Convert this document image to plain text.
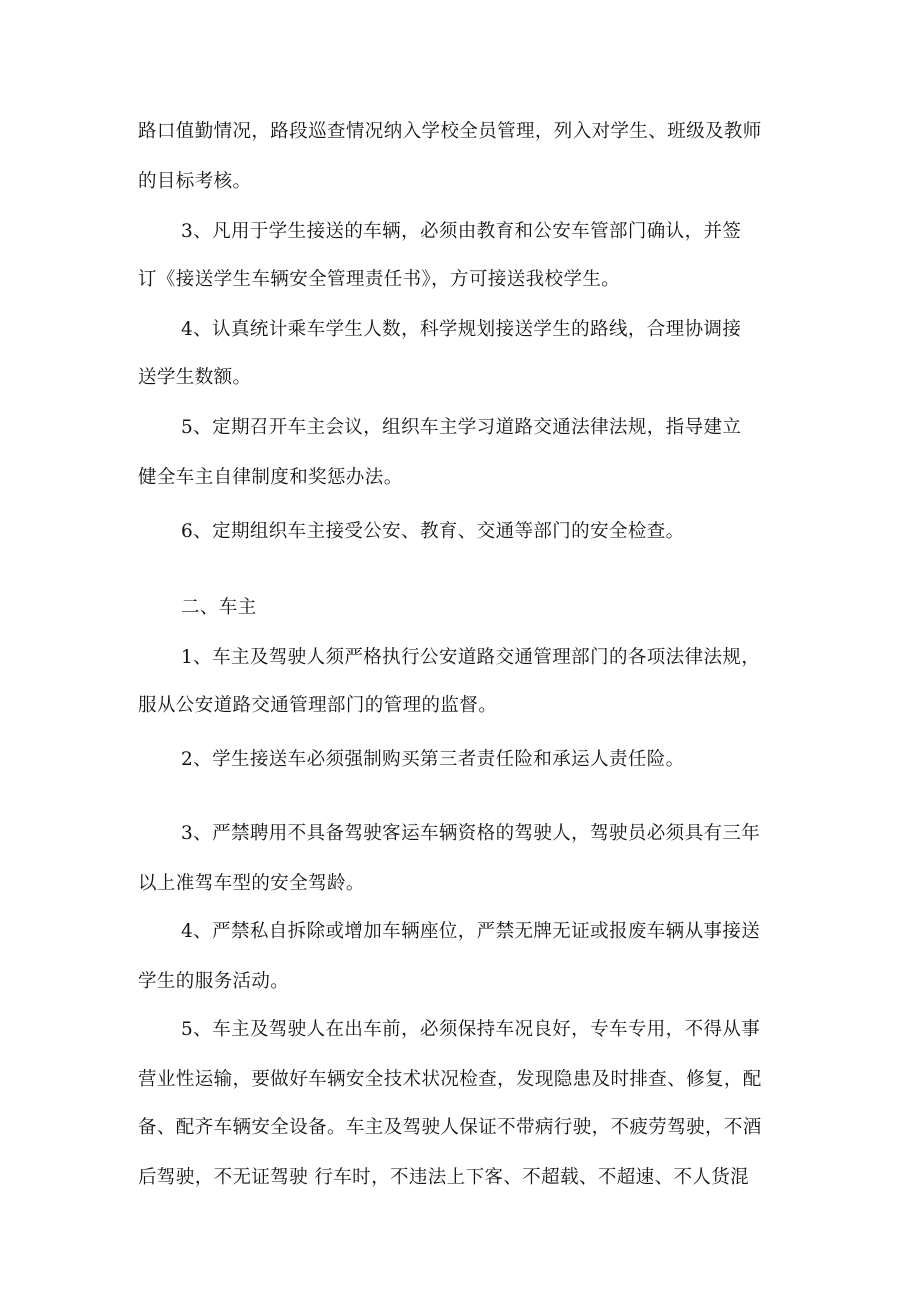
路口值勤情况，路段巡查情况纳入学校全员管理，列入对学生、班级及教师
的目标考核。
3、凡用于学生接送的车辆，必须由教育和公安车管部门确认，并签
订《接送学生车辆安全管理责任书》，方可接送我校学生。
4、认真统计乘车学生人数，科学规划接送学生的路线，合理协调接
送学生数额。
5、定期召开车主会议，组织车主学习道路交通法律法规，指导建立
健全车主自律制度和奖惩办法。
6、定期组织车主接受公安、教育、交通等部门的安全检查。
二、车主
1、车主及驾驶人须严格执行公安道路交通管理部门的各项法律法规，
服从公安道路交通管理部门的管理的监督。
2、学生接送车必须强制购买第三者责任险和承运人责任险。
3、严禁聘用不具备驾驶客运车辆资格的驾驶人，驾驶员必须具有三年
以上准驾车型的安全驾龄。
4、严禁私自拆除或增加车辆座位，严禁无牌无证或报废车辆从事接送
学生的服务活动。
5、车主及驾驶人在出车前，必须保持车况良好，专车专用，不得从事
营业性运输，要做好车辆安全技术状况检查，发现隐患及时排查、修复，配
备、配齐车辆安全设备。车主及驾驶人保证不带病行驶，不疲劳驾驶，不酒
后驾驶，不无证驾驶 行车时，不违法上下客、不超载、不超速、不人货混
